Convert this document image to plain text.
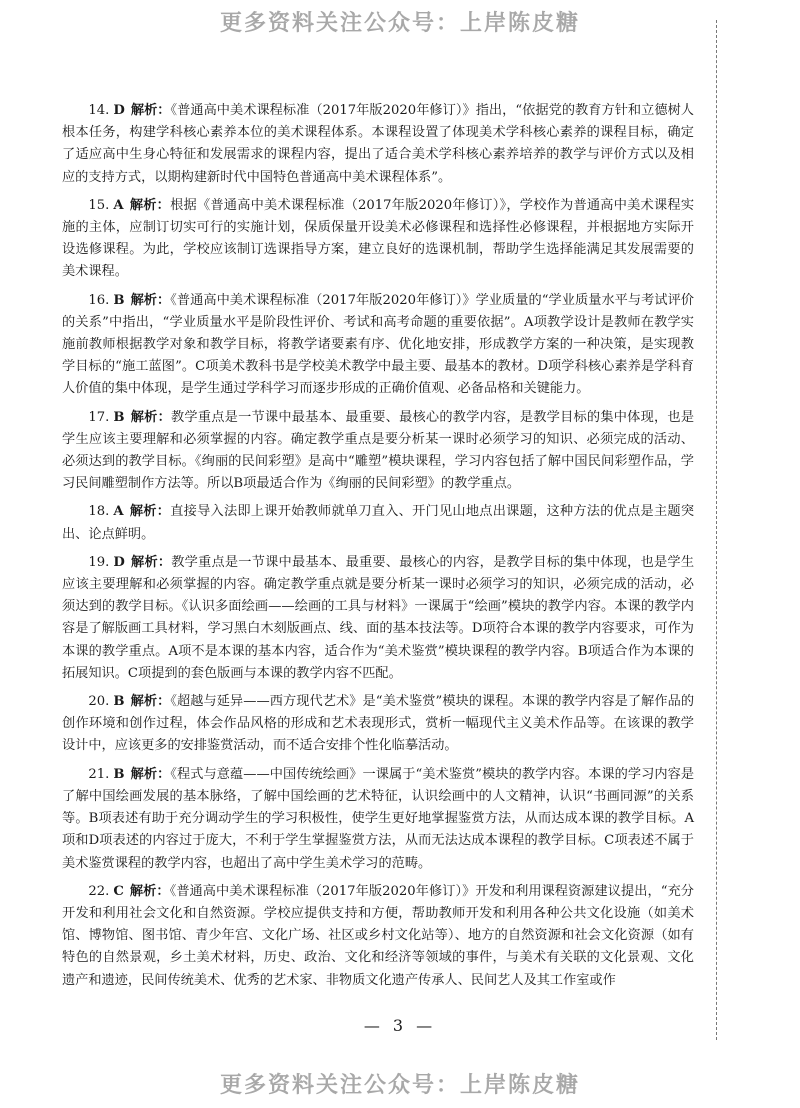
更多资料关注公众号：上岸陈皮糖

14. D 解析：《普通高中美术课程标准（2017年版2020年修订）》指出，“依据党的教育方针和立德树人根本任务，构建学科核心素养本位的美术课程体系。本课程设置了体现美术学科核心素养的课程目标，确定了适应高中生身心特征和发展需求的课程内容，提出了适合美术学科核心素养培养的教学与评价方式以及相应的支持方式，以期构建新时代中国特色普通高中美术课程体系”。

15. A 解析：根据《普通高中美术课程标准（2017年版2020年修订）》，学校作为普通高中美术课程实施的主体，应制订切实可行的实施计划，保质保量开设美术必修课程和选择性必修课程，并根据地方实际开设选修课程。为此，学校应该制订选课指导方案，建立良好的选课机制，帮助学生选择能满足其发展需要的美术课程。

16. B 解析：《普通高中美术课程标准（2017年版2020年修订）》学业质量的“学业质量水平与考试评价的关系”中指出，“学业质量水平是阶段性评价、考试和高考命题的重要依据”。A项教学设计是教师在教学实施前教师根据教学对象和教学目标，将教学诸要素有序、优化地安排，形成教学方案的一种决策，是实现教学目标的“施工蓝图”。C项美术教科书是学校美术教学中最主要、最基本的教材。D项学科核心素养是学科育人价值的集中体现，是学生通过学科学习而逐步形成的正确价值观、必备品格和关键能力。

17. B 解析：教学重点是一节课中最基本、最重要、最核心的教学内容，是教学目标的集中体现，也是学生应该主要理解和必须掌握的内容。确定教学重点是要分析某一课时必须学习的知识、必须完成的活动、必须达到的教学目标。《绚丽的民间彩塑》是高中“雕塑”模块课程，学习内容包括了解中国民间彩塑作品，学习民间雕塑制作方法等。所以B项最适合作为《绚丽的民间彩塑》的教学重点。

18. A 解析：直接导入法即上课开始教师就单刀直入、开门见山地点出课题，这种方法的优点是主题突出、论点鲜明。

19. D 解析：教学重点是一节课中最基本、最重要、最核心的内容，是教学目标的集中体现，也是学生应该主要理解和必须掌握的内容。确定教学重点就是要分析某一课时必须学习的知识，必须完成的活动，必须达到的教学目标。《认识多面绘画——绘画的工具与材料》一课属于“绘画”模块的教学内容。本课的教学内容是了解版画工具材料，学习黑白木刻版画点、线、面的基本技法等。D项符合本课的教学内容要求，可作为本课的教学重点。A项不是本课的基本内容，适合作为“美术鉴赏”模块课程的教学内容。B项适合作为本课的拓展知识。C项提到的套色版画与本课的教学内容不匹配。

20. B 解析：《超越与延异——西方现代艺术》是“美术鉴赏”模块的课程。本课的教学内容是了解作品的创作环境和创作过程，体会作品风格的形成和艺术表现形式，赏析一幅现代主义美术作品等。在该课的教学设计中，应该更多的安排鉴赏活动，而不适合安排个性化临摹活动。

21. B 解析：《程式与意蕴——中国传统绘画》一课属于“美术鉴赏”模块的教学内容。本课的学习内容是了解中国绘画发展的基本脉络，了解中国绘画的艺术特征，认识绘画中的人文精神，认识“书画同源”的关系等。B项表述有助于充分调动学生的学习积极性，使学生更好地掌握鉴赏方法，从而达成本课的教学目标。A项和D项表述的内容过于庞大，不利于学生掌握鉴赏方法，从而无法达成本课程的教学目标。C项表述不属于美术鉴赏课程的教学内容，也超出了高中学生美术学习的范畴。

22. C 解析：《普通高中美术课程标准（2017年版2020年修订）》开发和利用课程资源建议提出，“充分开发和利用社会文化和自然资源。学校应提供支持和方便，帮助教师开发和利用各种公共文化设施（如美术馆、博物馆、图书馆、青少年宫、文化广场、社区或乡村文化站等）、地方的自然资源和社会文化资源（如有特色的自然景观，乡土美术材料，历史、政治、文化和经济等领域的事件，与美术有关联的文化景观、文化遗产和遗迹，民间传统美术、优秀的艺术家、非物质文化遗产传承人、民间艺人及其工作室或作

— 3 —
更多资料关注公众号：上岸陈皮糖
